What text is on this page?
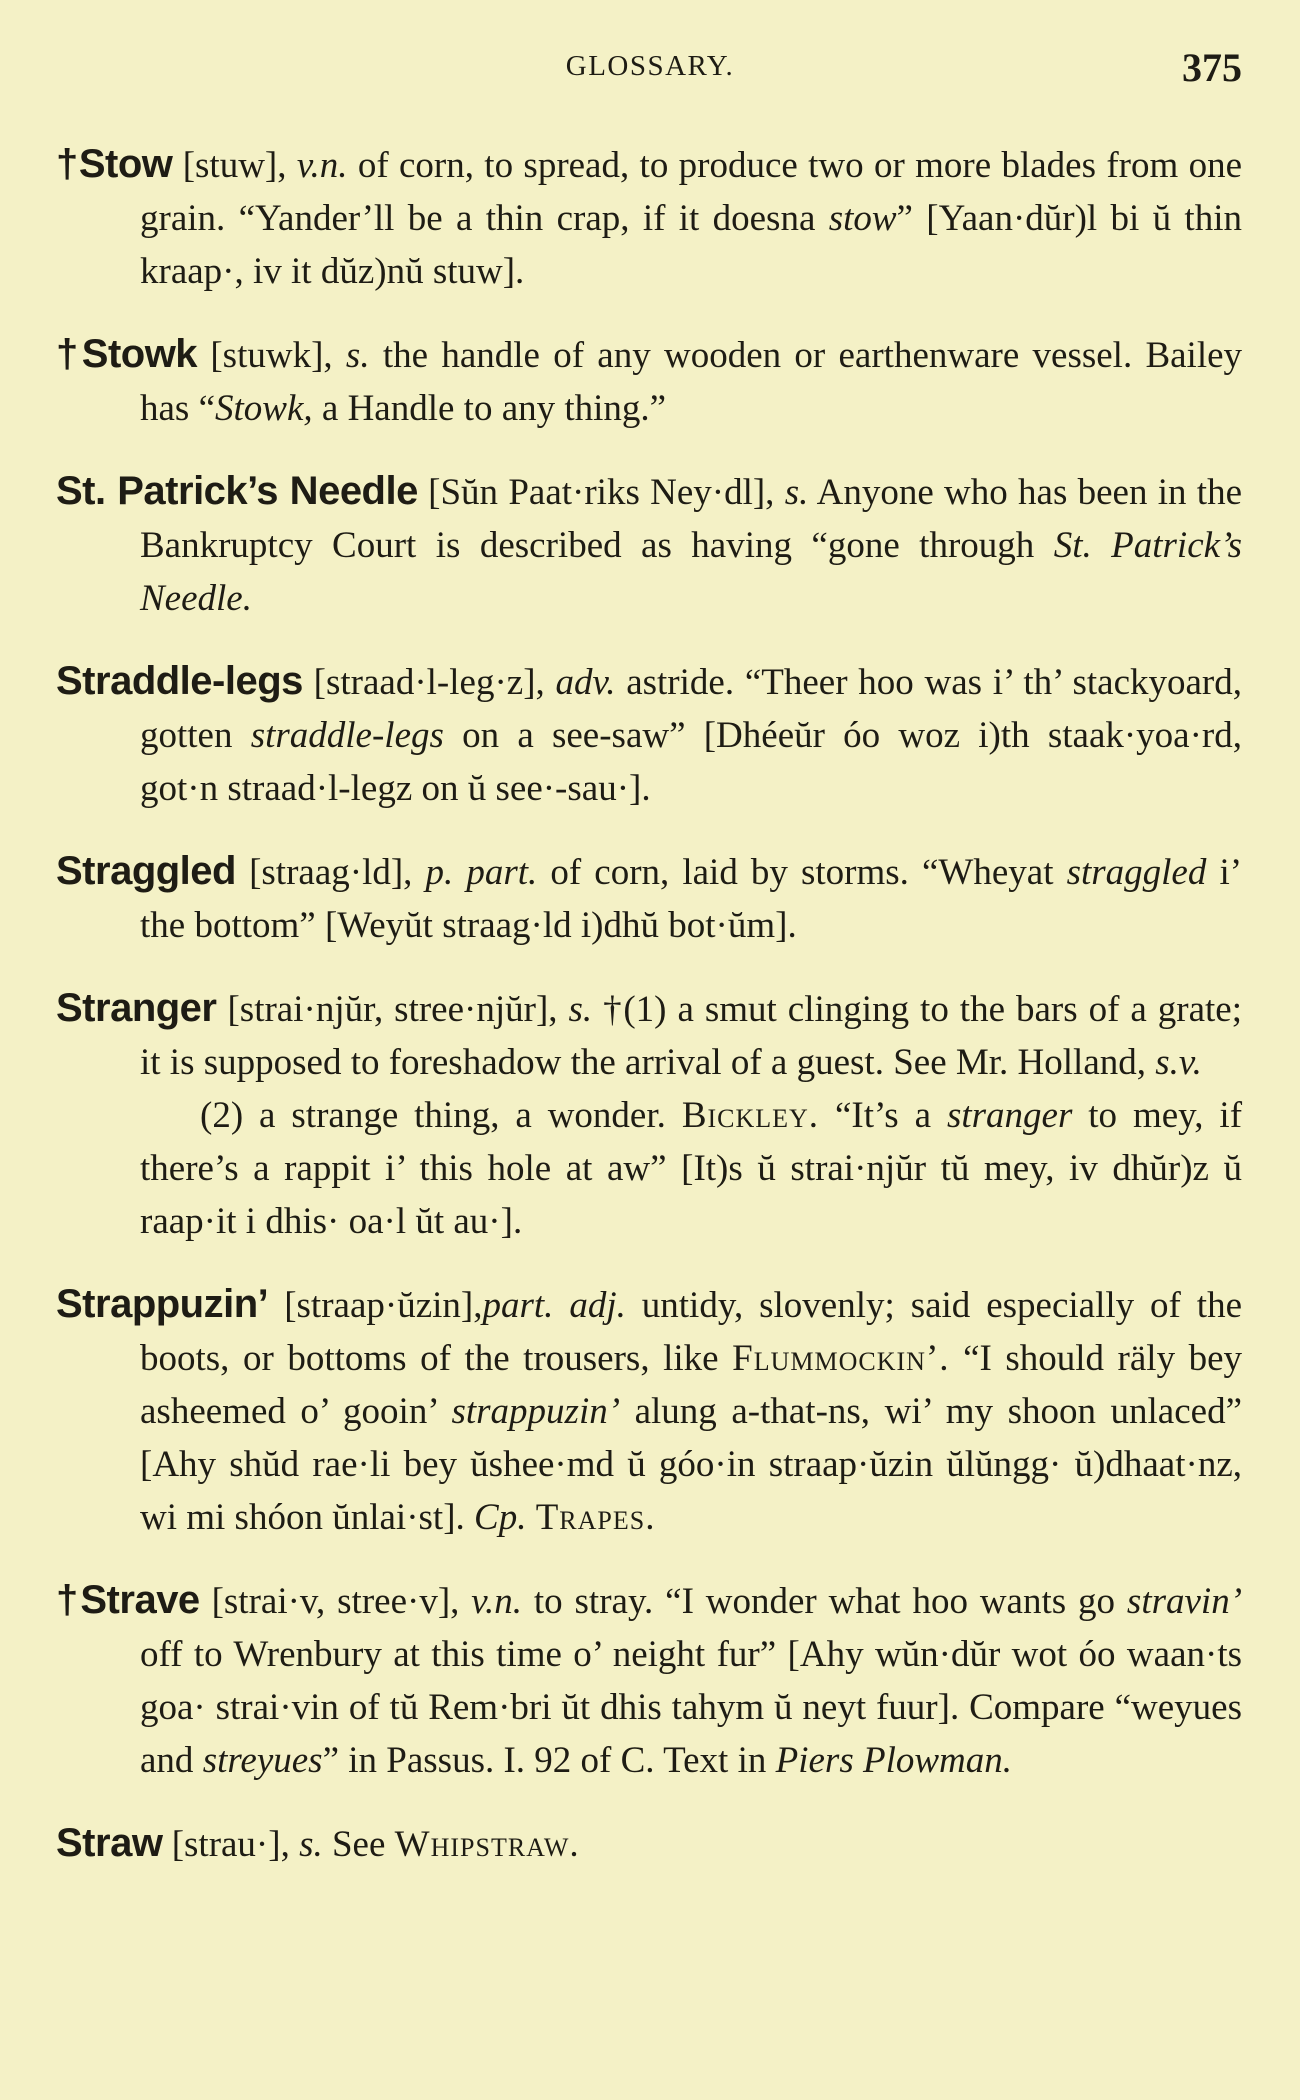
GLOSSARY.	375
†Stow [stuw], v.n. of corn, to spread, to produce two or more blades from one grain. “Yander’ll be a thin crap, if it doesna stow” [Yaan·dŭr)l bi ŭ thin kraap·, iv it dŭz)nŭ stuw].
†Stowk [stuwk], s. the handle of any wooden or earthenware vessel. Bailey has “Stowk, a Handle to any thing.”
St. Patrick’s Needle [Sŭn Paat·riks Ney·dl], s. Anyone who has been in the Bankruptcy Court is described as having “gone through St. Patrick’s Needle.
Straddle-legs [straad·l-leg·z], adv. astride. “Theer hoo was i’ th’ stackyoard, gotten straddle-legs on a see-saw” [Dhéeŭr óo woz i)th staak·yoa·rd, got·n straad·l-legz on ŭ see·-sau·].
Straggled [straag·ld], p. part. of corn, laid by storms. “Wheyat straggled i’ the bottom” [Weyŭt straag·ld i)dhŭ bot·ŭm].

Stranger [strai·njŭr, stree·njŭr], s. †(1) a smut clinging to the bars of a grate; it is supposed to foreshadow the arrival of a guest. See Mr. Holland, s.v.

(2) a strange thing, a wonder. Bickley. “It’s a stranger to mey, if there’s a rappit i’ this hole at aw” [It)s ŭ strai·njŭr tŭ mey, iv dhŭr)z ŭ raap·it i dhis· oa·l ŭt au·].

Strappuzin’ [straap·ŭzin],part. adj. untidy, slovenly; said especially of the boots, or bottoms of the trousers, like Flummockin’. “I should räly bey asheemed o’ gooin’ strappuzin’ alung a-that-ns, wi’ my shoon unlaced” [Ahy shŭd rae·li bey ŭshee·md ŭ góo·in straap·ŭzin ŭlŭngg· ŭ)dhaat·nz, wi mi shóon ŭnlai·st]. Cp. Trapes.
†Strave [strai·v, stree·v], v.n. to stray. “I wonder what hoo wants go stravin’ off to Wrenbury at this time o’ neight fur” [Ahy wŭn·dŭr wot óo waan·ts goa· strai·vin of tŭ Rem·bri ŭt dhis tahym ŭ neyt fuur]. Compare “weyues and streyues” in Passus. I. 92 of C. Text in Piers Plowman.
Straw [strau·], s. See Whipstraw.
